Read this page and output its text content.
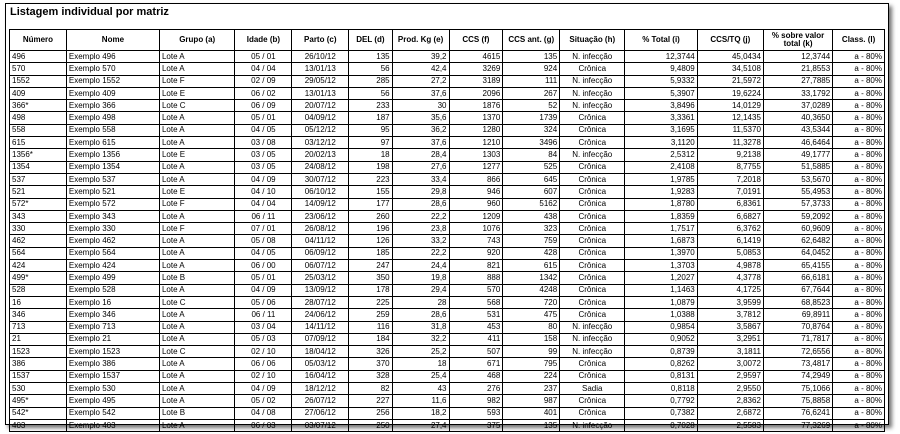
Listagem individual por matriz
Número	Nome	Grupo (a)	Idade (b)	Parto (c)	DEL (d)	Prod. Kg (e)	CCS (f)	CCS ant. (g)	Situação (h)	% Total (i)	CCS/TQ (j)	% sobre valor total (k)	Class. (l)
496	Exemplo 496	Lote A	05 / 01	26/10/12	135	39,2	4615	135	N. infecção	12,3744	45,0434	12,3744	a - 80%
570	Exemplo 570	Lote A	04 / 04	13/01/13	56	42,4	3269	924	Crônica	9,4809	34,5108	21,8553	a - 80%
1552	Exemplo 1552	Lote F	02 / 09	29/05/12	285	27,2	3189	111	N. infecção	5,9332	21,5972	27,7885	a - 80%
409	Exemplo 409	Lote E	06 / 02	13/01/13	56	37,6	2096	267	N. infecção	5,3907	19,6224	33,1792	a - 80%
366*	Exemplo 366	Lote C	06 / 09	20/07/12	233	30	1876	52	N. infecção	3,8496	14,0129	37,0289	a - 80%
498	Exemplo 498	Lote A	05 / 01	04/09/12	187	35,6	1370	1739	Crônica	3,3361	12,1435	40,3650	a - 80%
558	Exemplo 558	Lote A	04 / 05	05/12/12	95	36,2	1280	324	Crônica	3,1695	11,5370	43,5344	a - 80%
615	Exemplo 615	Lote A	03 / 08	03/12/12	97	37,6	1210	3496	Crônica	3,1120	11,3278	46,6464	a - 80%
1356*	Exemplo 1356	Lote E	03 / 05	20/02/13	18	28,4	1303	84	N. infecção	2,5312	9,2138	49,1777	a - 80%
1354	Exemplo 1354	Lote A	03 / 05	24/08/12	198	27,6	1277	525	Crônica	2,4108	8,7755	51,5885	a - 80%
537	Exemplo 537	Lote A	04 / 09	30/07/12	223	33,4	866	645	Crônica	1,9785	7,2018	53,5670	a - 80%
521	Exemplo 521	Lote E	04 / 10	06/10/12	155	29,8	946	607	Crônica	1,9283	7,0191	55,4953	a - 80%
572*	Exemplo 572	Lote F	04 / 04	14/09/12	177	28,6	960	5162	Crônica	1,8780	6,8361	57,3733	a - 80%
343	Exemplo 343	Lote A	06 / 11	23/06/12	260	22,2	1209	438	Crônica	1,8359	6,6827	59,2092	a - 80%
330	Exemplo 330	Lote F	07 / 01	26/08/12	196	23,8	1076	323	Crônica	1,7517	6,3762	60,9609	a - 80%
462	Exemplo 462	Lote A	05 / 08	04/11/12	126	33,2	743	759	Crônica	1,6873	6,1419	62,6482	a - 80%
564	Exemplo 564	Lote A	04 / 05	06/09/12	185	22,2	920	428	Crônica	1,3970	5,0853	64,0452	a - 80%
424	Exemplo 424	Lote A	06 / 00	06/07/12	247	24,4	821	615	Crônica	1,3703	4,9878	65,4155	a - 80%
499*	Exemplo 499	Lote B	05 / 01	25/03/12	350	19,8	888	1342	Crônica	1,2027	4,3778	66,6181	a - 80%
528	Exemplo 528	Lote A	04 / 09	13/09/12	178	29,4	570	4248	Crônica	1,1463	4,1725	67,7644	a - 80%
16	Exemplo 16	Lote C	05 / 06	28/07/12	225	28	568	720	Crônica	1,0879	3,9599	68,8523	a - 80%
346	Exemplo 346	Lote A	06 / 11	24/06/12	259	28,6	531	475	Crônica	1,0388	3,7812	69,8911	a - 80%
713	Exemplo 713	Lote A	03 / 04	14/11/12	116	31,8	453	80	N. infecção	0,9854	3,5867	70,8764	a - 80%
21	Exemplo 21	Lote A	05 / 03	07/09/12	184	32,2	411	158	N. infecção	0,9052	3,2951	71,7817	a - 80%
1523	Exemplo 1523	Lote C	02 / 10	18/04/12	326	25,2	507	99	N. infecção	0,8739	3,1811	72,6556	a - 80%
386	Exemplo 386	Lote A	06 / 06	05/03/12	370	18	671	795	Crônica	0,8262	3,0072	73,4817	a - 80%
1537	Exemplo 1537	Lote A	02 / 10	16/04/12	328	25,4	468	224	Crônica	0,8131	2,9597	74,2949	a - 80%
530	Exemplo 530	Lote A	04 / 09	18/12/12	82	43	276	237	Sadia	0,8118	2,9550	75,1066	a - 80%
495*	Exemplo 495	Lote A	05 / 02	26/07/12	227	11,6	982	987	Crônica	0,7792	2,8362	75,8858	a - 80%
542*	Exemplo 542	Lote B	04 / 08	27/06/12	256	18,2	593	401	Crônica	0,7382	2,6872	76,6241	a - 80%
403	Exemplo 403	Lote A	06 / 03	03/07/12	250	27,4	375	135	N. infecção	0,7028	2,5583	77,3269	a - 80%
